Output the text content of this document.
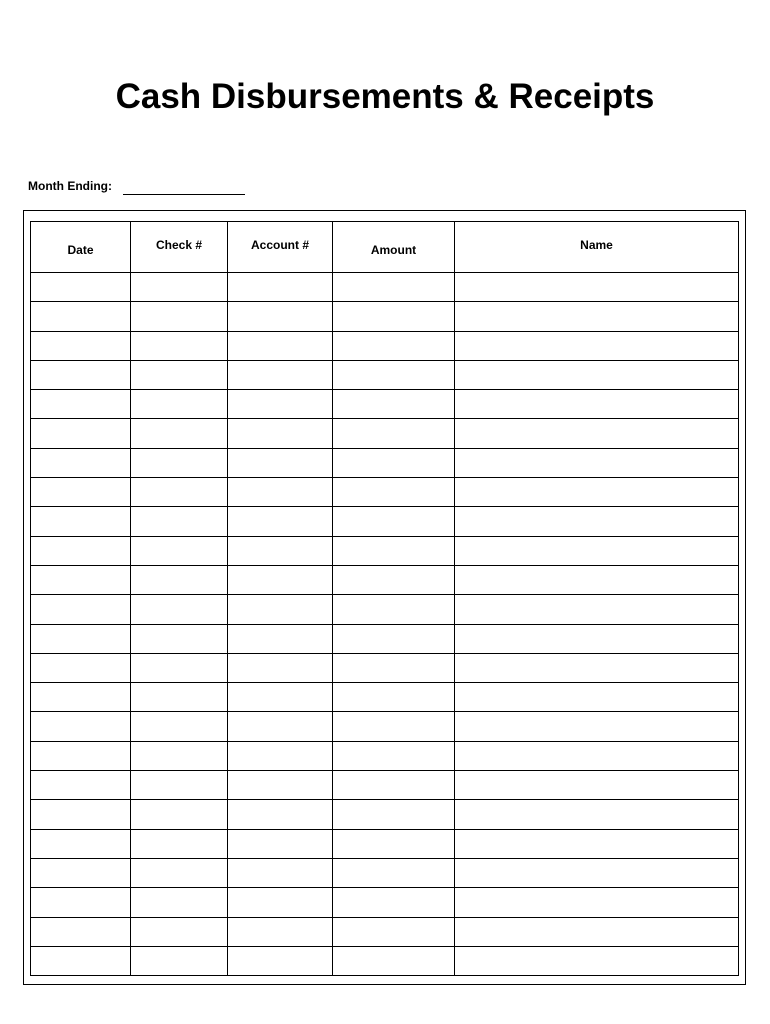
Cash Disbursements & Receipts
Month Ending:
Date	Check #	Account #	Amount	Name
